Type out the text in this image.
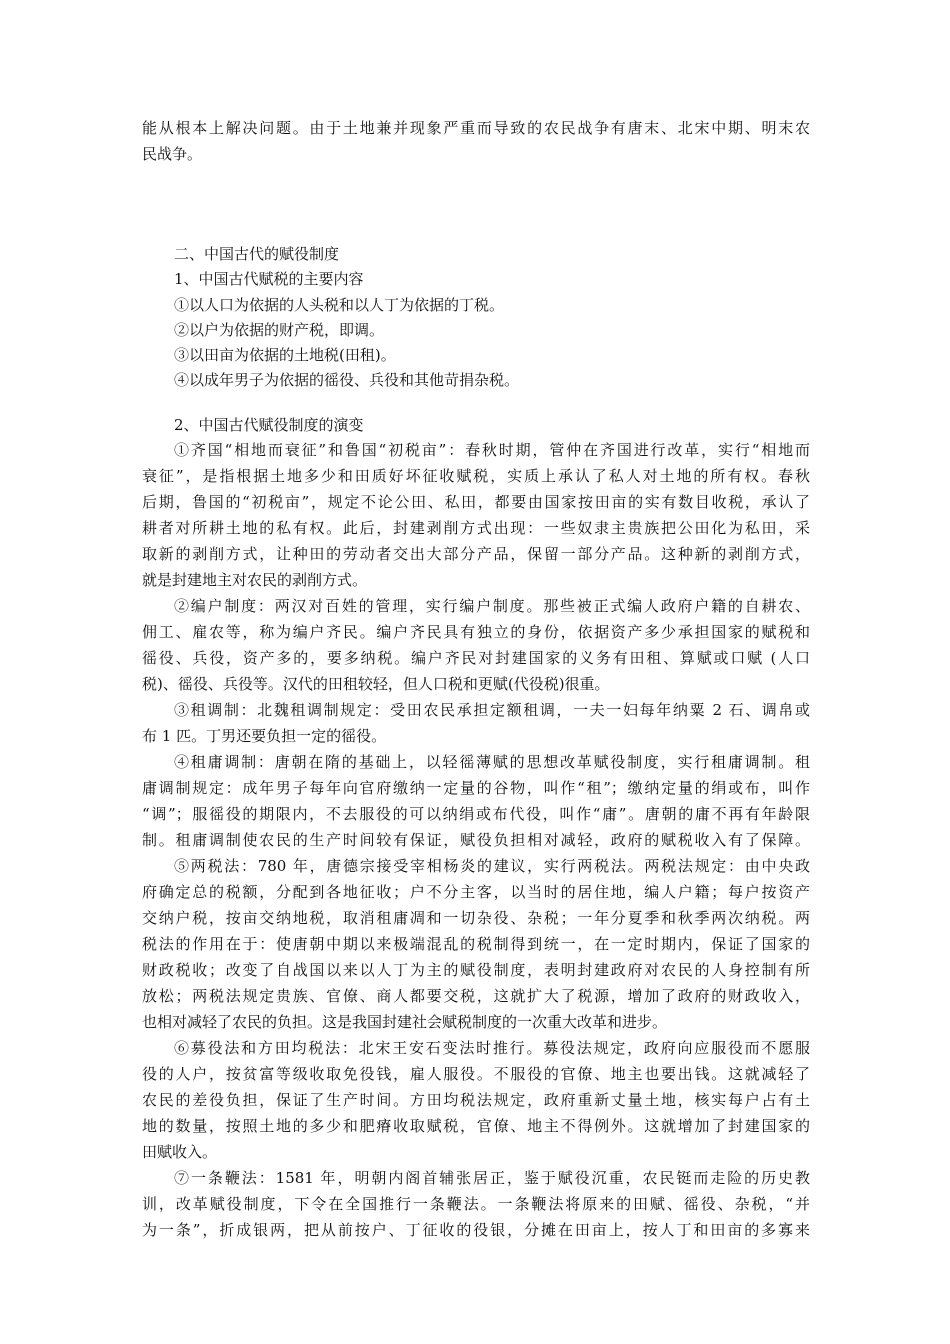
能从根本上解决问题。由于土地兼并现象严重而导致的农民战争有唐末、北宋中期、明末农
民战争。
二、中国古代的赋役制度
1、中国古代赋税的主要内容
①以人口为依据的人头税和以人丁为依据的丁税。
②以户为依据的财产税，即调。
③以田亩为依据的土地税(田租)。
④以成年男子为依据的徭役、兵役和其他苛捐杂税。
2、中国古代赋役制度的演变
①齐国“相地而衰征”和鲁国“初税亩”：春秋时期，管仲在齐国进行改革，实行“相地而
衰征”，是指根据土地多少和田质好坏征收赋税，实质上承认了私人对土地的所有权。春秋
后期，鲁国的“初税亩”，规定不论公田、私田，都要由国家按田亩的实有数目收税，承认了
耕者对所耕土地的私有权。此后，封建剥削方式出现：一些奴隶主贵族把公田化为私田，采
取新的剥削方式，让种田的劳动者交出大部分产品，保留一部分产品。这种新的剥削方式，
就是封建地主对农民的剥削方式。
②编户制度：两汉对百姓的管理，实行编户制度。那些被正式编人政府户籍的自耕农、
佣工、雇农等，称为编户齐民。编户齐民具有独立的身份，依据资产多少承担国家的赋税和
徭役、兵役，资产多的，要多纳税。编户齐民对封建国家的义务有田租、算赋或口赋 (人口
税)、徭役、兵役等。汉代的田租较轻，但人口税和更赋(代役税)很重。
③租调制：北魏租调制规定：受田农民承担定额租调，一夫一妇每年纳粟 2 石、调帛或
布 1 匹。丁男还要负担一定的徭役。
④租庸调制：唐朝在隋的基础上，以轻徭薄赋的思想改革赋役制度，实行租庸调制。租
庸调制规定：成年男子每年向官府缴纳一定量的谷物，叫作“租”；缴纳定量的绢或布，叫作
“调”；服徭役的期限内，不去服役的可以纳绢或布代役，叫作“庸”。唐朝的庸不再有年龄限
制。租庸调制使农民的生产时间较有保证，赋役负担相对减轻，政府的赋税收入有了保障。
⑤两税法：780 年，唐德宗接受宰相杨炎的建议，实行两税法。两税法规定：由中央政
府确定总的税额，分配到各地征收；户不分主客，以当时的居住地，编人户籍；每户按资产
交纳户税，按亩交纳地税，取消租庸凋和一切杂役、杂税；一年分夏季和秋季两次纳税。两
税法的作用在于：使唐朝中期以来极端混乱的税制得到统一，在一定时期内，保证了国家的
财政税收；改变了自战国以来以人丁为主的赋役制度，表明封建政府对农民的人身控制有所
放松；两税法规定贵族、官僚、商人都要交税，这就扩大了税源，增加了政府的财政收入，
也相对减轻了农民的负担。这是我国封建社会赋税制度的一次重大改革和进步。
⑥募役法和方田均税法：北宋王安石变法时推行。募役法规定，政府向应服役而不愿服
役的人户，按贫富等级收取免役钱，雇人服役。不服役的官僚、地主也要出钱。这就减轻了
农民的差役负担，保证了生产时间。方田均税法规定，政府重新丈量土地，核实每户占有土
地的数量，按照土地的多少和肥瘠收取赋税，官僚、地主不得例外。这就增加了封建国家的
田赋收入。
⑦一条鞭法：1581 年，明朝内阁首辅张居正，鉴于赋役沉重，农民铤而走险的历史教
训，改革赋役制度，下令在全国推行一条鞭法。一条鞭法将原来的田赋、徭役、杂税，“并
为一条”，折成银两，把从前按户、丁征收的役银，分摊在田亩上，按人丁和田亩的多寡来
